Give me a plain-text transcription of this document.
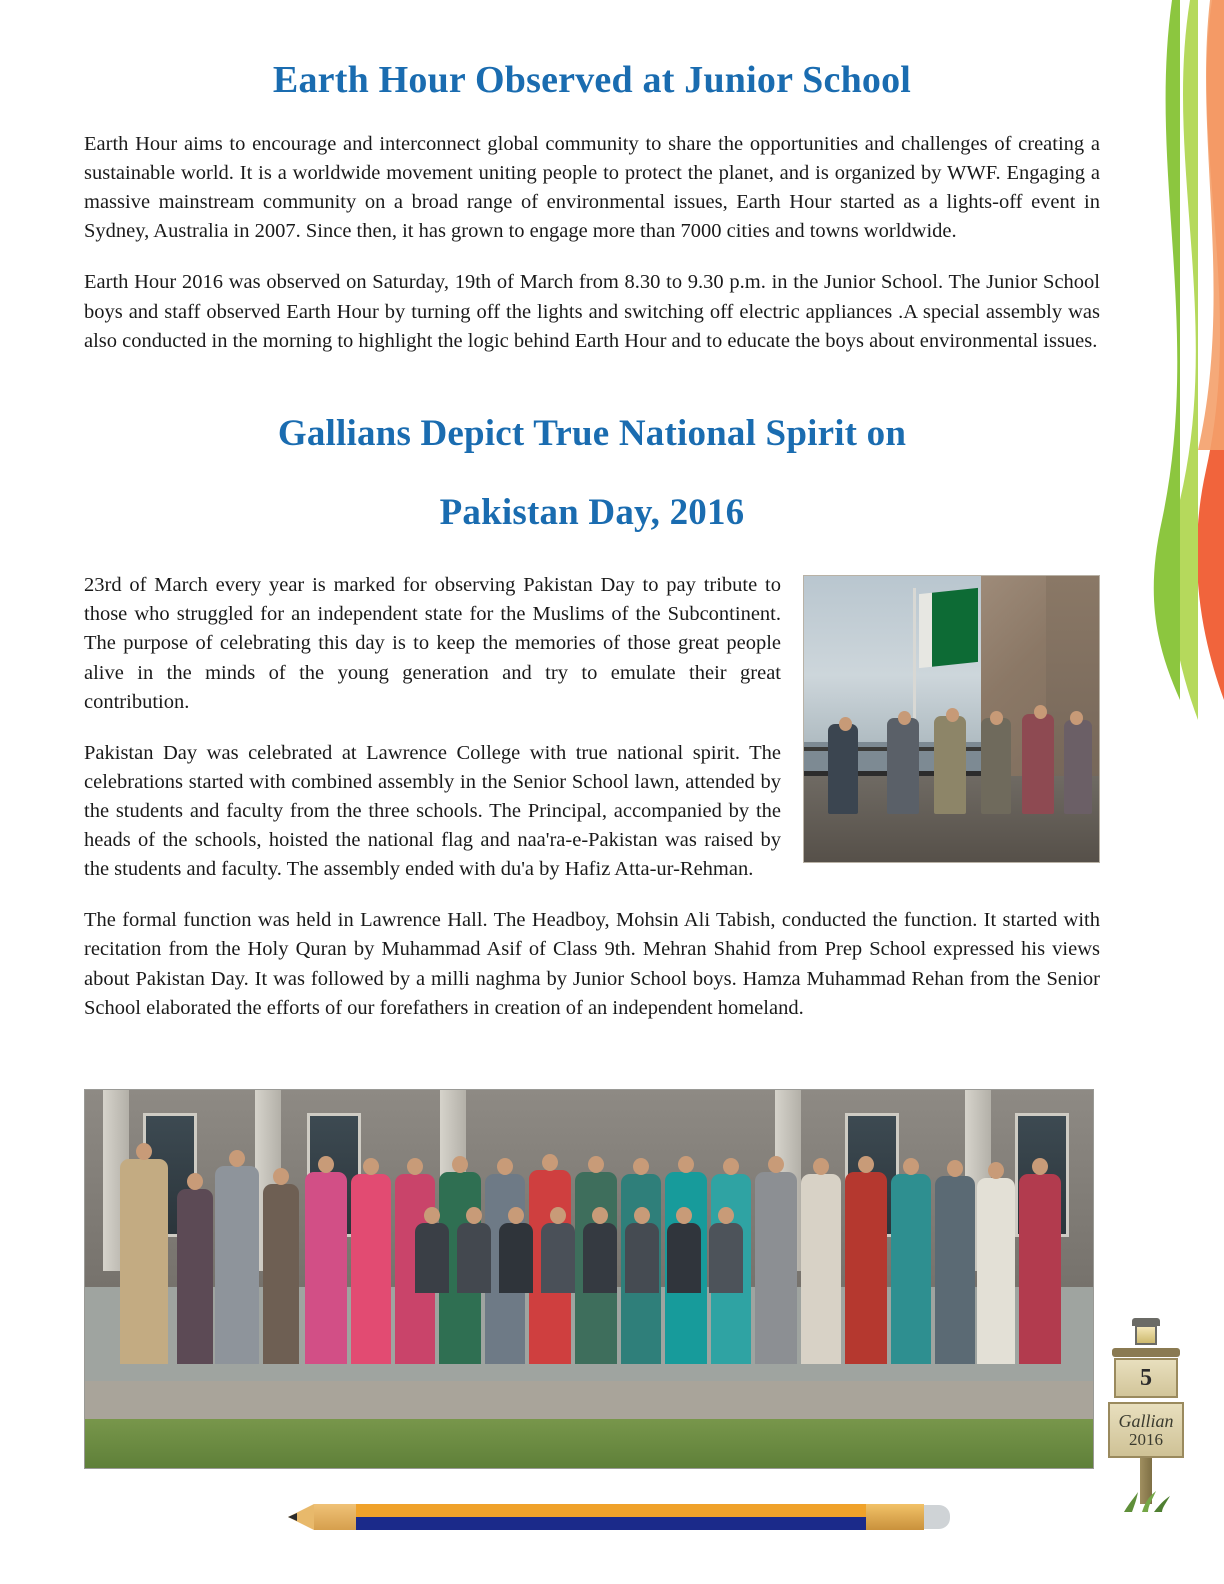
Earth Hour Observed at Junior School

Earth Hour aims to encourage and interconnect global community to share the opportunities and challenges of creating a sustainable world. It is a worldwide movement uniting people to protect the planet, and is organized by WWF. Engaging a massive mainstream community on a broad range of environmental issues, Earth Hour started as a lights-off event in Sydney, Australia in 2007. Since then, it has grown to engage more than 7000 cities and towns worldwide.

Earth Hour 2016 was observed on Saturday, 19th of March from 8.30 to 9.30 p.m. in the Junior School. The Junior School boys and staff observed Earth Hour by turning off the lights and switching off electric appliances .A special assembly was also conducted in the morning to highlight the logic behind Earth Hour and to educate the boys about environmental issues.

Gallians Depict True National Spirit on
Pakistan Day, 2016

23rd of March every year is marked for observing Pakistan Day to pay tribute to those who struggled for an independent state for the Muslims of the Subcontinent. The purpose of celebrating this day is to keep the memories of those great people alive in the minds of the young generation and try to emulate their great contribution.

Pakistan Day was celebrated at Lawrence College with true national spirit. The celebrations started with combined assembly in the Senior School lawn, attended by the students and faculty from the three schools. The Principal, accompanied by the heads of the schools, hoisted the national flag and naa'ra-e-Pakistan was raised by the students and faculty. The assembly ended with du'a by Hafiz Atta-ur-Rehman.

The formal function was held in Lawrence Hall. The Headboy, Mohsin Ali Tabish, conducted the function. It started with recitation from the Holy Quran by Muhammad Asif of Class 9th. Mehran Shahid from Prep School expressed his views about Pakistan Day. It was followed by a milli naghma by Junior School boys. Hamza Muhammad Rehan from the Senior School elaborated the efforts of our forefathers in creation of an independent homeland.

5
Gallian
2016
